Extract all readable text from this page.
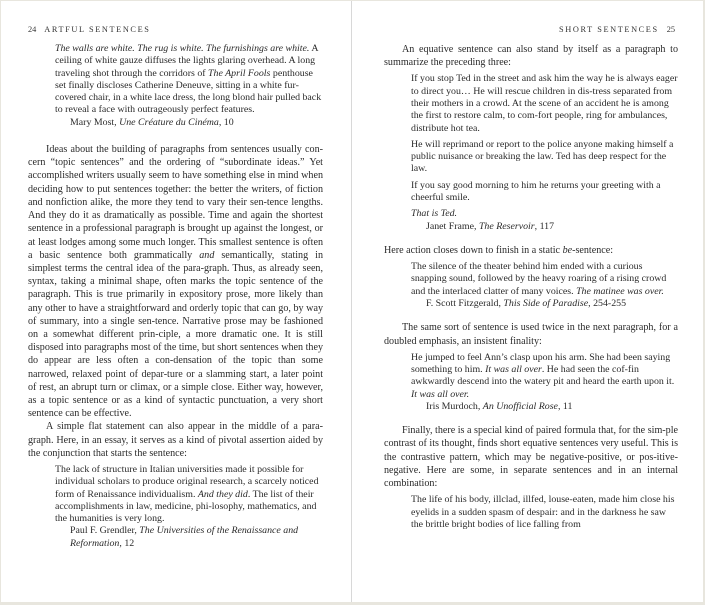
24 ARTFUL SENTENCES

The walls are white. The rug is white. The furnishings are white. A ceiling of white gauze diffuses the lights glaring overhead. A long traveling shot through the corridors of The April Fools penthouse set finally discloses Catherine Deneuve, sitting in a white fur-covered chair, in a white lace dress, the long blond hair pulled back to reveal a face with outrageously perfect features.

Mary Most, Une Créature du Cinéma, 10

Ideas about the building of paragraphs from sentences usually con-cern “topic sentences” and the ordering of “subordinate ideas.” Yet accomplished writers usually seem to have something else in mind when deciding how to put sentences together: the better the writers, of fiction and nonfiction alike, the more they tend to vary their sen-tence lengths. And they do it as dramatically as possible. Time and again the shortest sentence in a professional paragraph is brought up against the longest, or at least lodges among some much longer. This smallest sentence is often a basic sentence both grammatically and semantically, stating in simplest terms the central idea of the para-graph. Thus, as already seen, syntax, taking a minimal shape, often marks the topic sentence of the paragraph. This is true primarily in expository prose, more likely than any other to have a straightforward and orderly topic that can go, by way of summary, into a single sen-tence. Narrative prose may be fashioned on a somewhat different prin-ciple, a more dramatic one. It is still disposed into paragraphs most of the time, but short sentences when they do appear are less often a con-densation of the topic than some narrowed, relaxed point of depar-ture or a slamming start, a later point of rest, an abrupt turn or climax, or a simple close. Either way, however, as a topic sentence or as a kind of syntactic punctuation, a very short sentence can be effective.

A simple flat statement can also appear in the middle of a para-graph. Here, in an essay, it serves as a kind of pivotal assertion aided by the conjunction that starts the sentence:

The lack of structure in Italian universities made it possible for individual scholars to produce original research, a scarcely noticed form of Renaissance individualism. And they did. The list of their accomplishments in law, medicine, phi-losophy, mathematics, and the humanities is very long.

Paul F. Grendler, The Universities of the Renaissance and Reformation, 12
SHORT SENTENCES 25

An equative sentence can also stand by itself as a paragraph to summarize the preceding three:

If you stop Ted in the street and ask him the way he is always eager to direct you… He will rescue children in dis-tress separated from their mothers in a crowd. At the scene of an accident he is among the first to restore calm, to com-fort people, ring for ambulances, distribute hot tea.

He will reprimand or report to the police anyone making himself a public nuisance or breaking the law. Ted has deep respect for the law.

If you say good morning to him he returns your greeting with a cheerful smile.

That is Ted.

Janet Frame, The Reservoir, 117

Here action closes down to finish in a static be-sentence:

The silence of the theater behind him ended with a curious snapping sound, followed by the heavy roaring of a rising crowd and the interlaced clatter of many voices. The matinee was over.

F. Scott Fitzgerald, This Side of Paradise, 254-255

The same sort of sentence is used twice in the next paragraph, for a doubled emphasis, an insistent finality:

He jumped to feel Ann’s clasp upon his arm. She had been saying something to him. It was all over. He had seen the cof-fin awkwardly descend into the watery pit and heard the earth upon it. It was all over.

Iris Murdoch, An Unofficial Rose, 11

Finally, there is a special kind of paired formula that, for the sim-ple contrast of its thought, finds short equative sentences very useful. This is the contrastive pattern, which may be negative-positive, or pos-itive-negative. Here are some, in separate sentences and in an internal combination:

The life of his body, illclad, illfed, louse-eaten, made him close his eyelids in a sudden spasm of despair: and in the darkness he saw the brittle bright bodies of lice falling from
